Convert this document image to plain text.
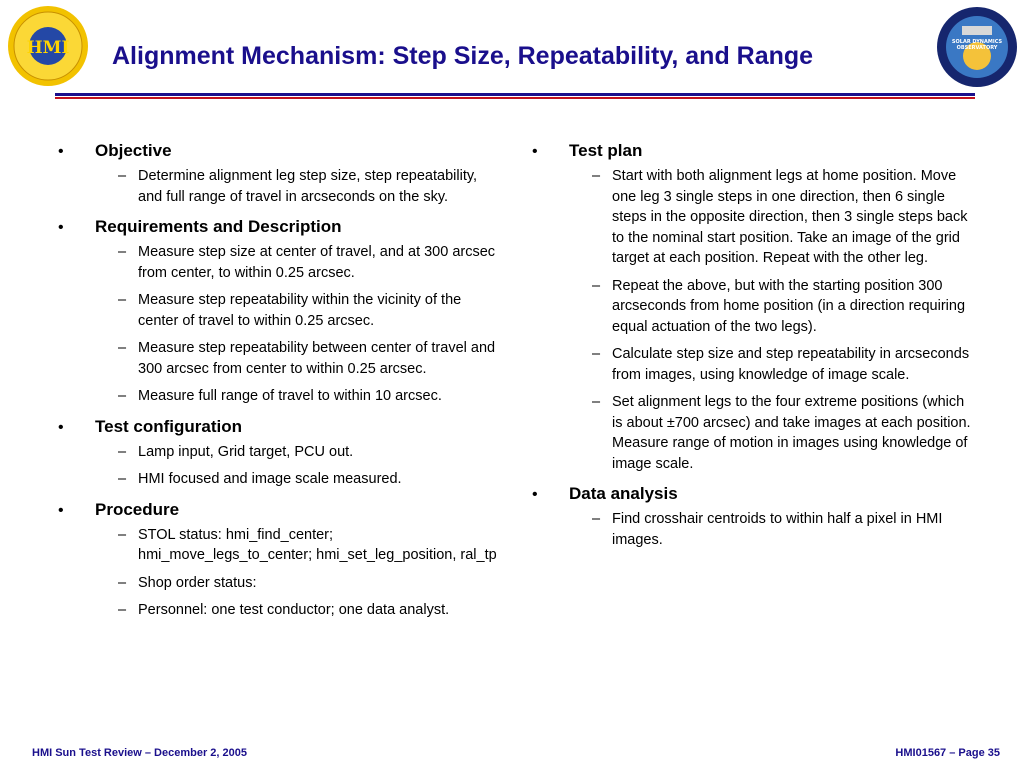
HMI Alignment Mechanism: Step Size, Repeatability, and Range	SOLAR DYNAMICS OBSERVATORY
• Objective
– Determine alignment leg step size, step repeatability, and full range of travel in arcseconds on the sky.
• Requirements and Description
– Measure step size at center of travel, and at 300 arcsec from center, to within 0.25 arcsec.
– Measure step repeatability within the vicinity of the center of travel to within 0.25 arcsec.
– Measure step repeatability between center of travel and 300 arcsec from center to within 0.25 arcsec.
– Measure full range of travel to within 10 arcsec.
• Test configuration
– Lamp input, Grid target, PCU out.
– HMI focused and image scale measured.
• Procedure
– STOL status: hmi_find_center; hmi_move_legs_to_center; hmi_set_leg_position, ral_tp
– Shop order status:
– Personnel: one test conductor; one data analyst.
• Test plan
– Start with both alignment legs at home position. Move one leg 3 single steps in one direction, then 6 single steps in the opposite direction, then 3 single steps back to the nominal start position. Take an image of the grid target at each position. Repeat with the other leg.
– Repeat the above, but with the starting position 300 arcseconds from home position (in a direction requiring equal actuation of the two legs).
– Calculate step size and step repeatability in arcseconds from images, using knowledge of image scale.
– Set alignment legs to the four extreme positions (which is about ±700 arcsec) and take images at each position. Measure range of motion in images using knowledge of image scale.
• Data analysis
– Find crosshair centroids to within half a pixel in HMI images.
HMI Sun Test Review – December 2, 2005	HMI01567 – Page 35
